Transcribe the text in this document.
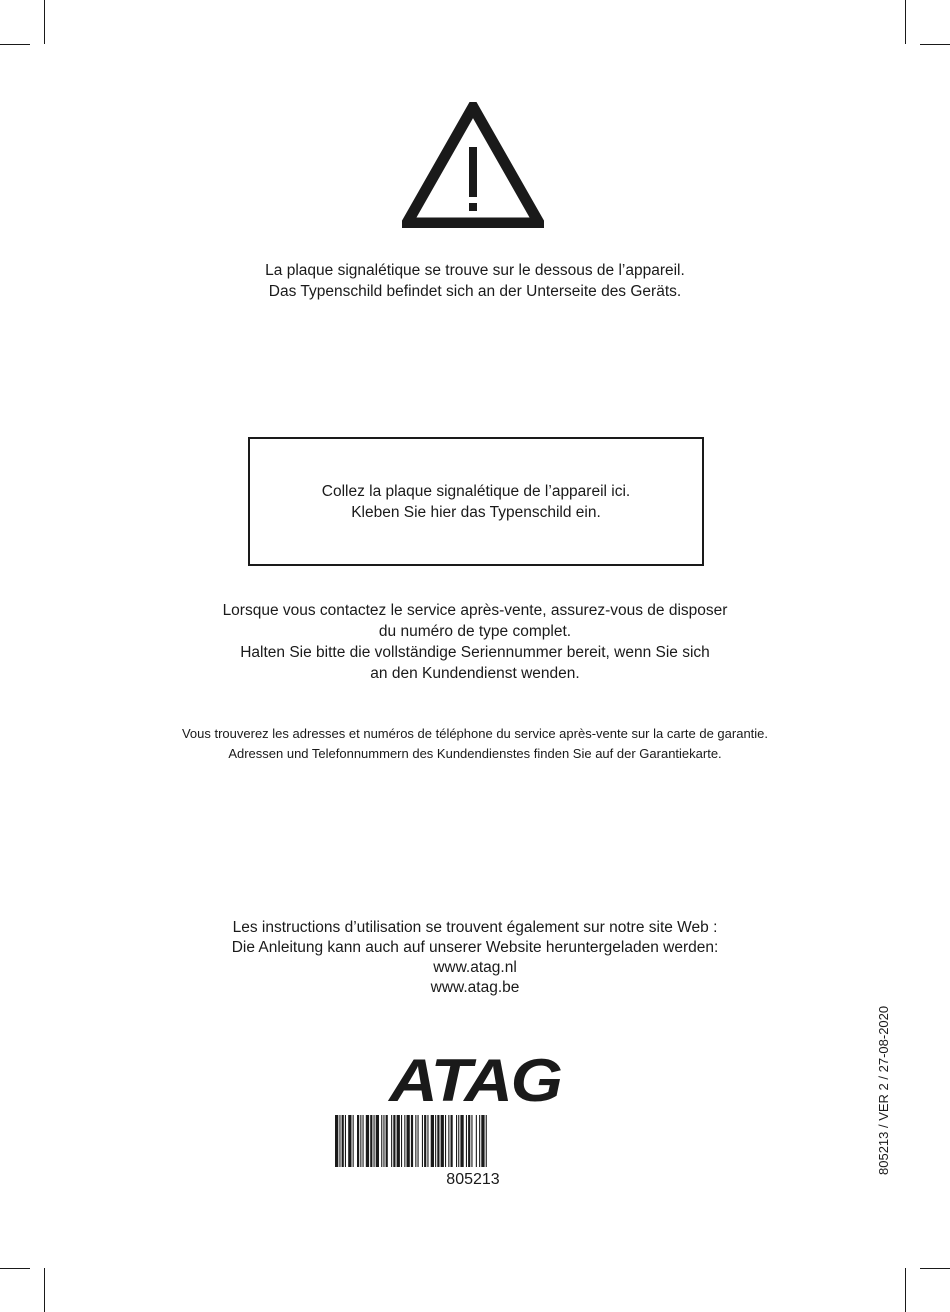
La plaque signalétique se trouve sur le dessous de l’appareil.
Das Typenschild befindet sich an der Unterseite des Geräts.
Collez la plaque signalétique de l’appareil ici.
Kleben Sie hier das Typenschild ein.
Lorsque vous contactez le service après-vente, assurez-vous de disposer
du numéro de type complet.
Halten Sie bitte die vollständige Seriennummer bereit, wenn Sie sich
an den Kundendienst wenden.
Vous trouverez les adresses et numéros de téléphone du service après-vente sur la carte de garantie.
Adressen und Telefonnummern des Kundendienstes finden Sie auf der Garantiekarte.
Les instructions d’utilisation se trouvent également sur notre site Web :
Die Anleitung kann auch auf unserer Website heruntergeladen werden:
www.atag.nl
www.atag.be
ATAG
805213
805213 / VER 2 / 27-08-2020
